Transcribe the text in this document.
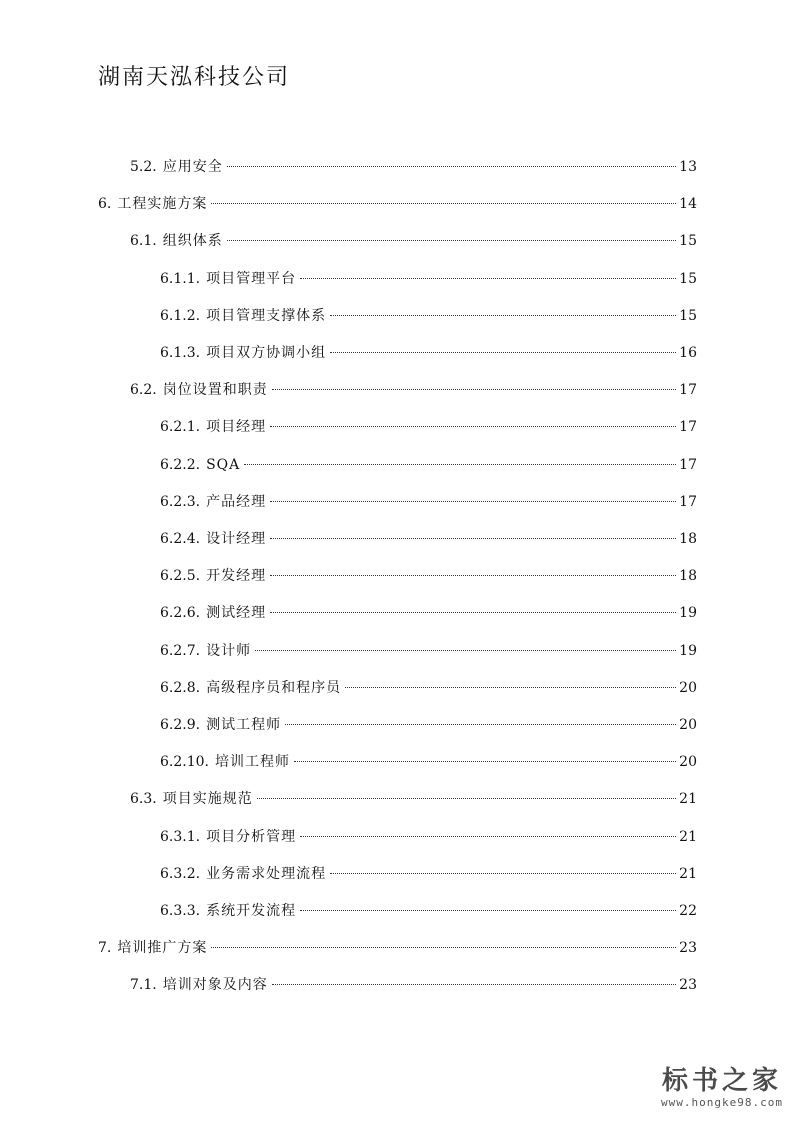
湖南天泓科技公司
5.2. 应用安全	13
6. 工程实施方案	14
6.1. 组织体系	15
6.1.1. 项目管理平台	15
6.1.2. 项目管理支撑体系	15
6.1.3. 项目双方协调小组	16
6.2. 岗位设置和职责	17
6.2.1. 项目经理	17
6.2.2. SQA	17
6.2.3. 产品经理	17
6.2.4. 设计经理	18
6.2.5. 开发经理	18
6.2.6. 测试经理	19
6.2.7. 设计师	19
6.2.8. 高级程序员和程序员	20
6.2.9. 测试工程师	20
6.2.10. 培训工程师	20
6.3. 项目实施规范	21
6.3.1. 项目分析管理	21
6.3.2. 业务需求处理流程	21
6.3.3. 系统开发流程	22
7. 培训推广方案	23
7.1. 培训对象及内容	23
标书之家
www.hongke98.com
